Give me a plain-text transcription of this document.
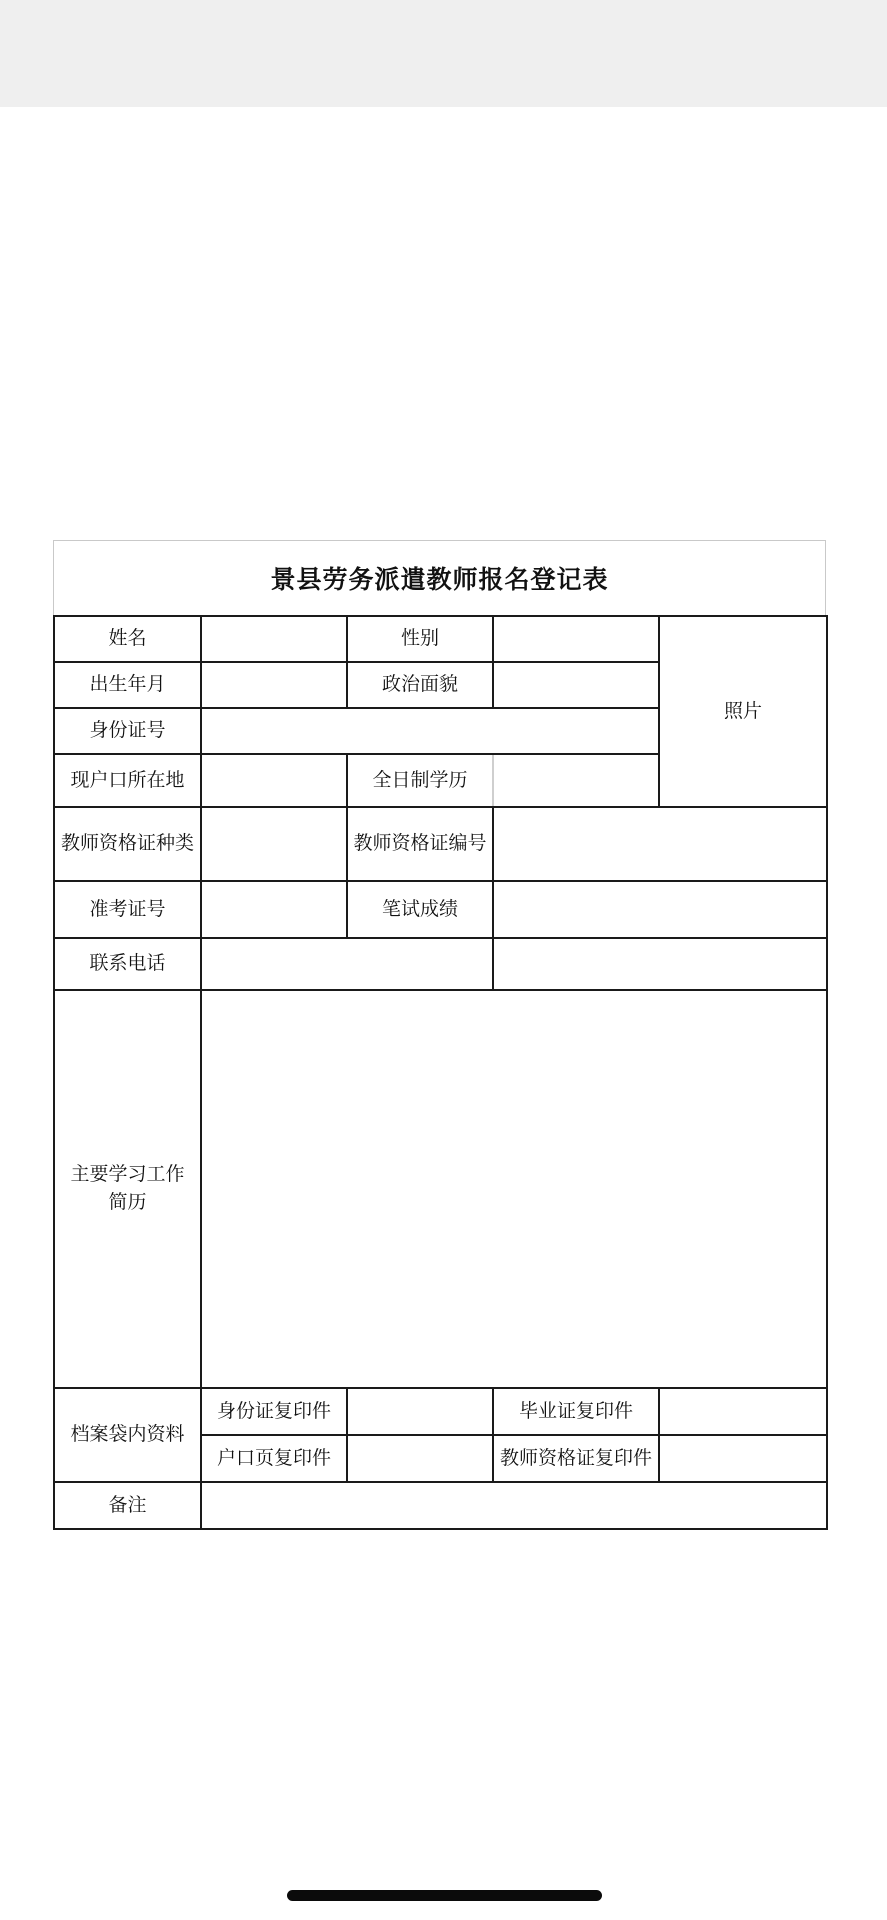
景县劳务派遣教师报名登记表
姓名		性别		照片
出生年月		政治面貌		
身份证号				
现户口所在地		全日制学历		
教师资格证种类		教师资格证编号		
准考证号		笔试成绩		
联系电话				
主要学习工作
简历				
档案袋内资料	身份证复印件		毕业证复印件	
	户口页复印件		教师资格证复印件	
备注				
